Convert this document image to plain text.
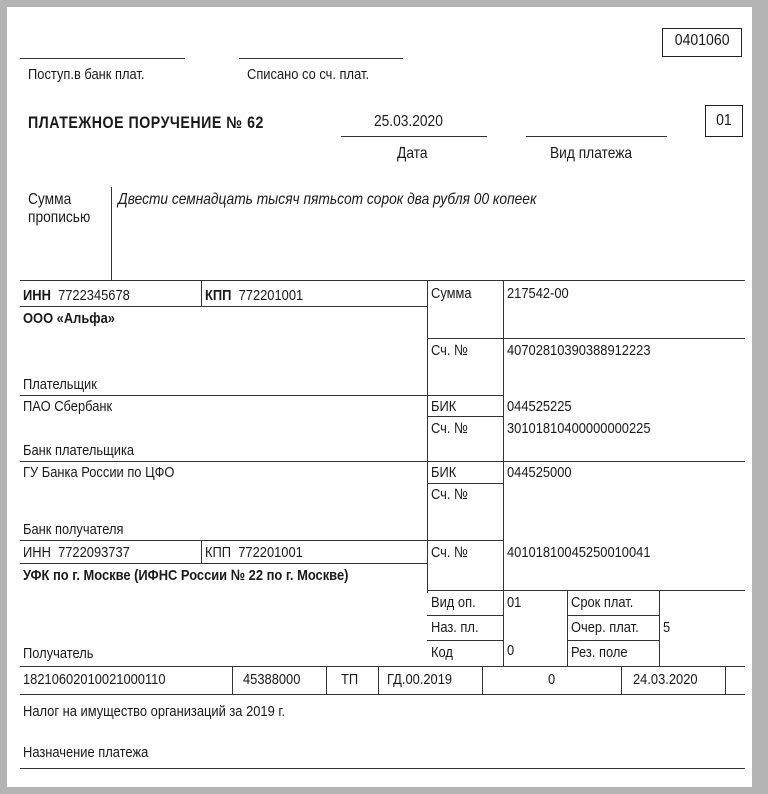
0401060
Поступ.в банк плат.	Списано со сч. плат.
ПЛАТЕЖНОЕ ПОРУЧЕНИЕ № 62	25.03.2020
Дата	Вид платежа
01
Сумма
прописью
Двести семнадцать тысяч пятьсот сорок два рубля 00 копеек
ИНН 7722345678	КПП 772201001
ООО «Альфа»
Плательщик
Сумма 217542-00
Сч. №	40702810390388912223
ПАО Сбербанк
Банк плательщика
БИК	044525225
Сч. №	30101810400000000225
ГУ Банка России по ЦФО
Банк получателя
БИК	044525000
Сч. №
ИНН 7722093737	КПП 772201001
УФК по г. Москве (ИФНС России № 22 по г. Москве)
Получатель
Сч. №	40101810045250010041
Вид оп. 01
Наз. пл.
Код	0
Срок плат.
Очер. плат. 5
Рез. поле
18210602010021000110	45388000	ТП ГД.00.2019	0	24.03.2020
Налог на имущество организаций за 2019 г.
Назначение платежа
